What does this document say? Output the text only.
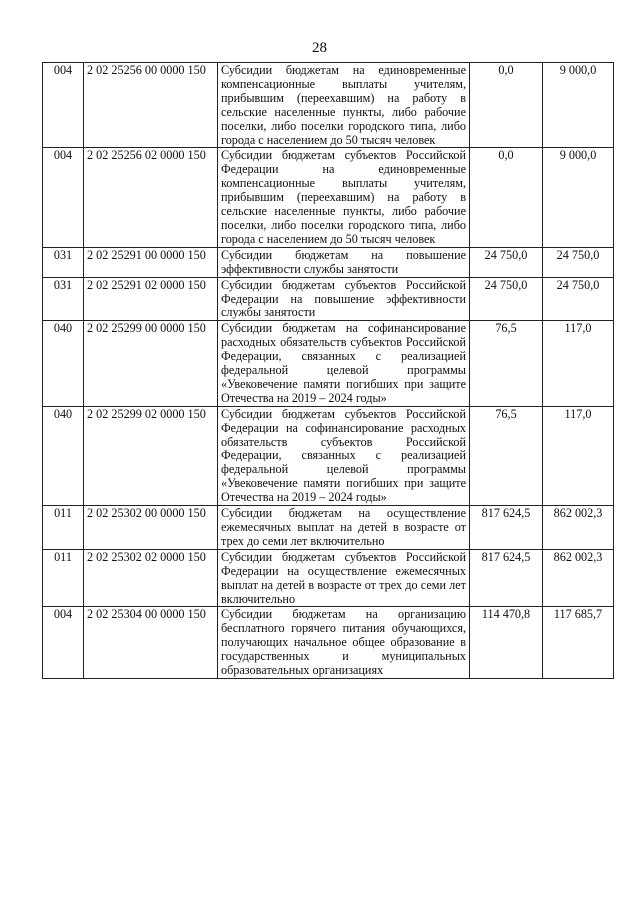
28
004	2 02 25256 00 0000 150	Субсидии бюджетам на единовременные компенсационные выплаты учителям, прибывшим (переехавшим) на работу в сельские населенные пункты, либо рабочие поселки, либо поселки городского типа, либо города с населением до 50 тысяч человек	0,0	9 000,0
004	2 02 25256 02 0000 150	Субсидии бюджетам субъектов Российской Федерации на единовременные компенсационные выплаты учителям, прибывшим (переехавшим) на работу в сельские населенные пункты, либо рабочие поселки, либо поселки городского типа, либо города с населением до 50 тысяч человек	0,0	9 000,0
031	2 02 25291 00 0000 150	Субсидии бюджетам на повышение эффективности службы занятости	24 750,0	24 750,0
031	2 02 25291 02 0000 150	Субсидии бюджетам субъектов Российской Федерации на повышение эффективности службы занятости	24 750,0	24 750,0
040	2 02 25299 00 0000 150	Субсидии бюджетам на софинансирование расходных обязательств субъектов Российской Федерации, связанных с реализацией федеральной целевой программы «Увековечение памяти погибших при защите Отечества на 2019 – 2024 годы»	76,5	117,0
040	2 02 25299 02 0000 150	Субсидии бюджетам субъектов Российской Федерации на софинансирование расходных обязательств субъектов Российской Федерации, связанных с реализацией федеральной целевой программы «Увековечение памяти погибших при защите Отечества на 2019 – 2024 годы»	76,5	117,0
011	2 02 25302 00 0000 150	Субсидии бюджетам на осуществление ежемесячных выплат на детей в возрасте от трех до семи лет включительно	817 624,5	862 002,3
011	2 02 25302 02 0000 150	Субсидии бюджетам субъектов Российской Федерации на осуществление ежемесячных выплат на детей в возрасте от трех до семи лет включительно	817 624,5	862 002,3
004	2 02 25304 00 0000 150	Субсидии бюджетам на организацию бесплатного горячего питания обучающихся, получающих начальное общее образование в государственных и муниципальных образовательных организациях	114 470,8	117 685,7
